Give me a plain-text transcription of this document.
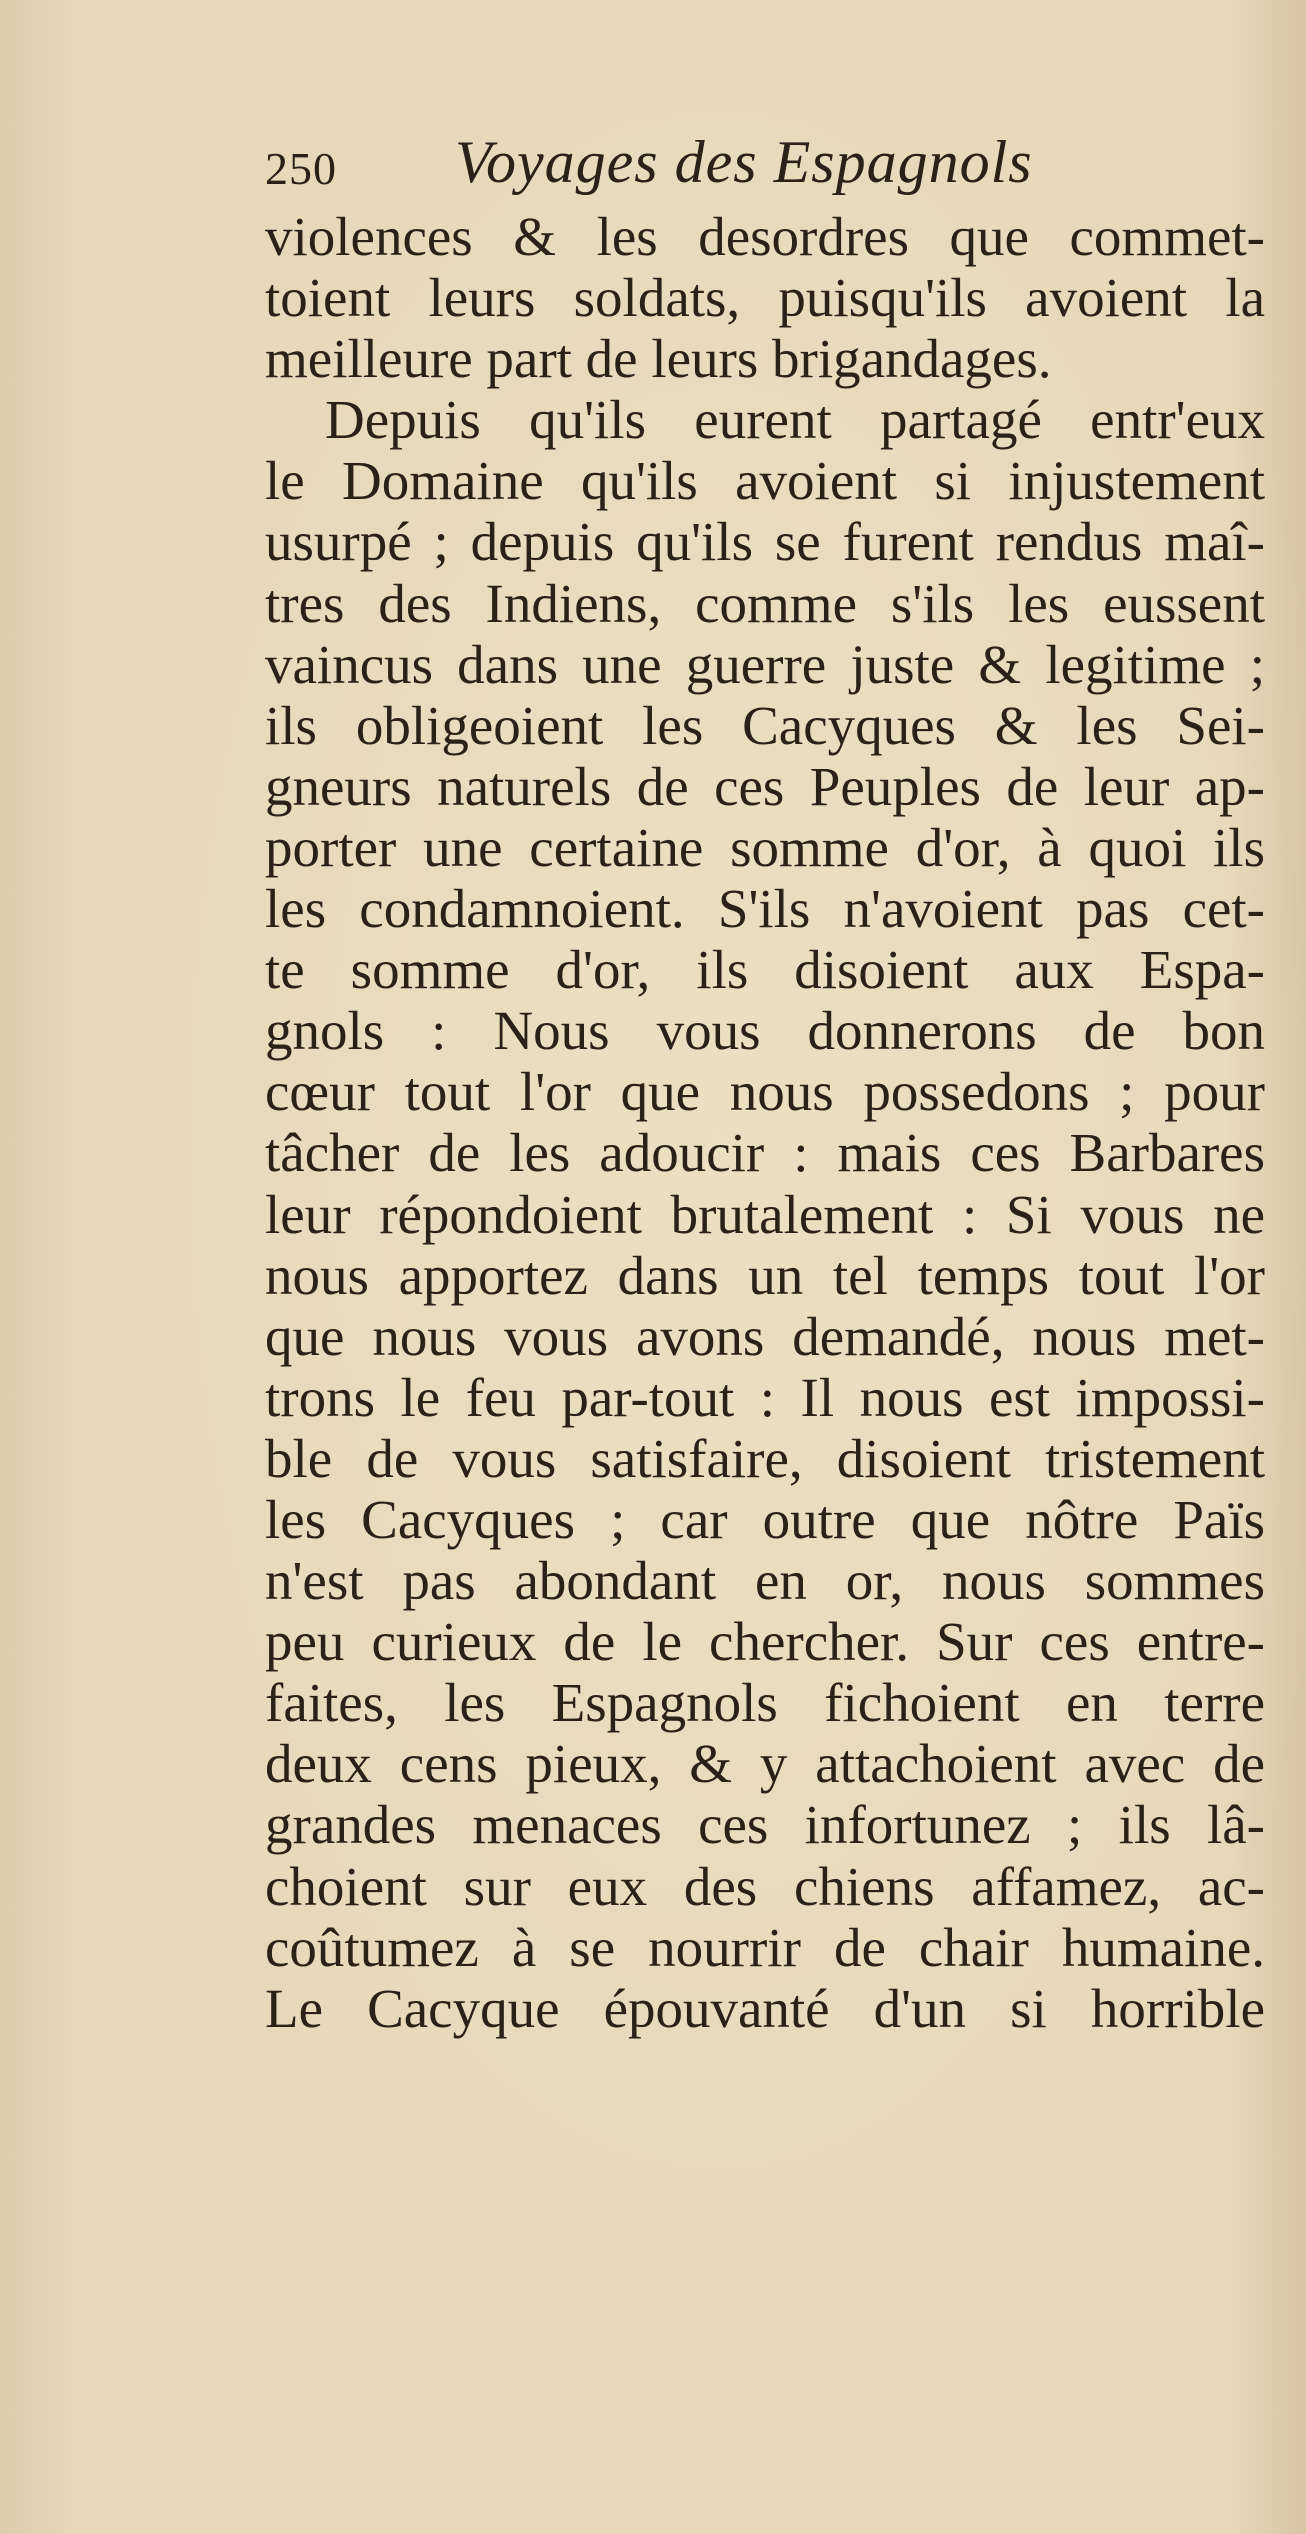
250 Voyages des Espagnols
violences & les desordres que commet-
toient leurs soldats, puisqu'ils avoient la
meilleure part de leurs brigandages.
Depuis qu'ils eurent partagé entr'eux
le Domaine qu'ils avoient si injustement
usurpé ; depuis qu'ils se furent rendus maî-
tres des Indiens, comme s'ils les eussent
vaincus dans une guerre juste & legitime ;
ils obligeoient les Cacyques & les Sei-
gneurs naturels de ces Peuples de leur ap-
porter une certaine somme d'or, à quoi ils
les condamnoient. S'ils n'avoient pas cet-
te somme d'or, ils disoient aux Espa-
gnols : Nous vous donnerons de bon
cœur tout l'or que nous possedons ; pour
tâcher de les adoucir : mais ces Barbares
leur répondoient brutalement : Si vous ne
nous apportez dans un tel temps tout l'or
que nous vous avons demandé, nous met-
trons le feu par-tout : Il nous est impossi-
ble de vous satisfaire, disoient tristement
les Cacyques ; car outre que nôtre Païs
n'est pas abondant en or, nous sommes
peu curieux de le chercher. Sur ces entre-
faites, les Espagnols fichoient en terre
deux cens pieux, & y attachoient avec de
grandes menaces ces infortunez ; ils lâ-
choient sur eux des chiens affamez, ac-
coûtumez à se nourrir de chair humaine.
Le Cacyque épouvanté d'un si horrible
